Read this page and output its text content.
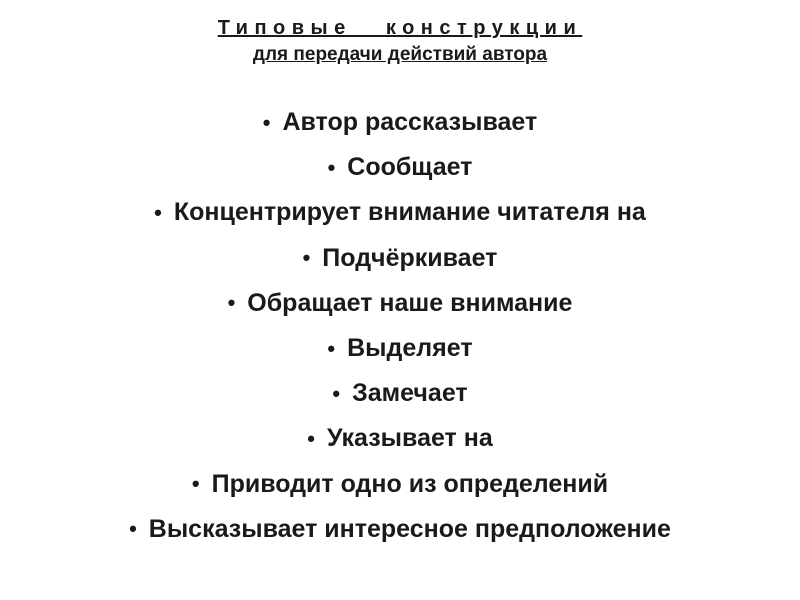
Типовые конструкции
для передачи действий автора
• Автор рассказывает
• Сообщает
• Концентрирует внимание читателя на
• Подчёркивает
• Обращает наше внимание
• Выделяет
• Замечает
• Указывает на
• Приводит одно из определений
• Высказывает интересное предположение
